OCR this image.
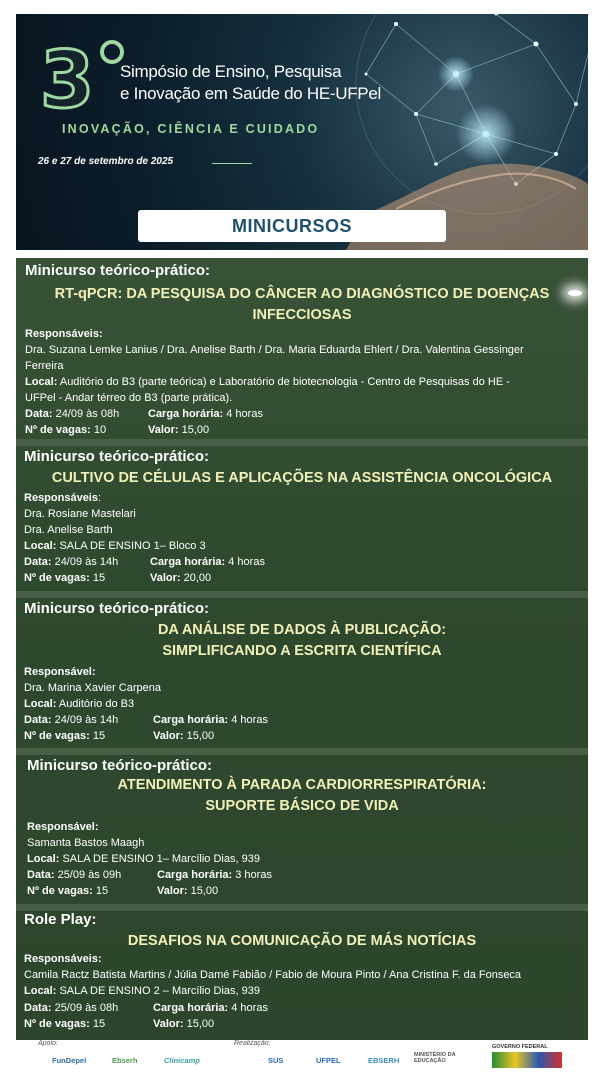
3 Simpósio de Ensino, Pesquisa
e Inovação em Saúde do HE-UFPel
INOVAÇÃO, CIÊNCIA E CUIDADO
26 e 27 de setembro de 2025
MINICURSOS
Minicurso teórico-prático:
RT-qPCR: DA PESQUISA DO CÂNCER AO DIAGNÓSTICO DE DOENÇAS
INFECCIOSAS
Responsáveis:
Dra. Suzana Lemke Lanius / Dra. Anelise Barth / Dra. Maria Eduarda Ehlert / Dra. Valentina Gessinger
Ferreira
Local: Auditório do B3 (parte teórica) e Laboratório de biotecnologia - Centro de Pesquisas do HE -
UFPel - Andar térreo do B3 (parte prática).
Data: 24/09 às 08h	Carga horária: 4 horas
Nº de vagas: 10	Valor: 15,00
Minicurso teórico-prático:
CULTIVO DE CÉLULAS E APLICAÇÕES NA ASSISTÊNCIA ONCOLÓGICA
Responsáveis:
Dra. Rosiane Mastelari
Dra. Anelise Barth
Local: SALA DE ENSINO 1– Bloco 3
Data: 24/09 às 14h	Carga horária: 4 horas
Nº de vagas: 15	Valor: 20,00
Minicurso teórico-prático:
DA ANÁLISE DE DADOS À PUBLICAÇÃO:
SIMPLIFICANDO A ESCRITA CIENTÍFICA
Responsável:
Dra. Marina Xavier Carpena
Local: Auditório do B3
Data: 24/09 às 14h	Carga horária: 4 horas
Nº de vagas: 15	Valor: 15,00
Minicurso teórico-prático:
ATENDIMENTO À PARADA CARDIORRESPIRATÓRIA:
SUPORTE BÁSICO DE VIDA
Responsável:
Samanta Bastos Maagh
Local: SALA DE ENSINO 1– Marcílio Dias, 939
Data: 25/09 às 09h	Carga horária: 3 horas
Nº de vagas: 15	Valor: 15,00
Role Play:
DESAFIOS NA COMUNICAÇÃO DE MÁS NOTÍCIAS
Responsáveis:
Camila Ractz Batista Martins / Júlia Damé Fabião / Fabio de Moura Pinto / Ana Cristina F. da Fonseca
Local: SALA DE ENSINO 2 – Marcílio Dias, 939
Data: 25/09 às 08h	Carga horária: 4 horas
Nº de vagas: 15	Valor: 15,00
Apoio:	Realização:
FunDepel	Ebserh	Clínicamp	SUS	UFPEL	EBSERH
MINISTÉRIO DA EDUCAÇÃO
GOVERNO FEDERAL
